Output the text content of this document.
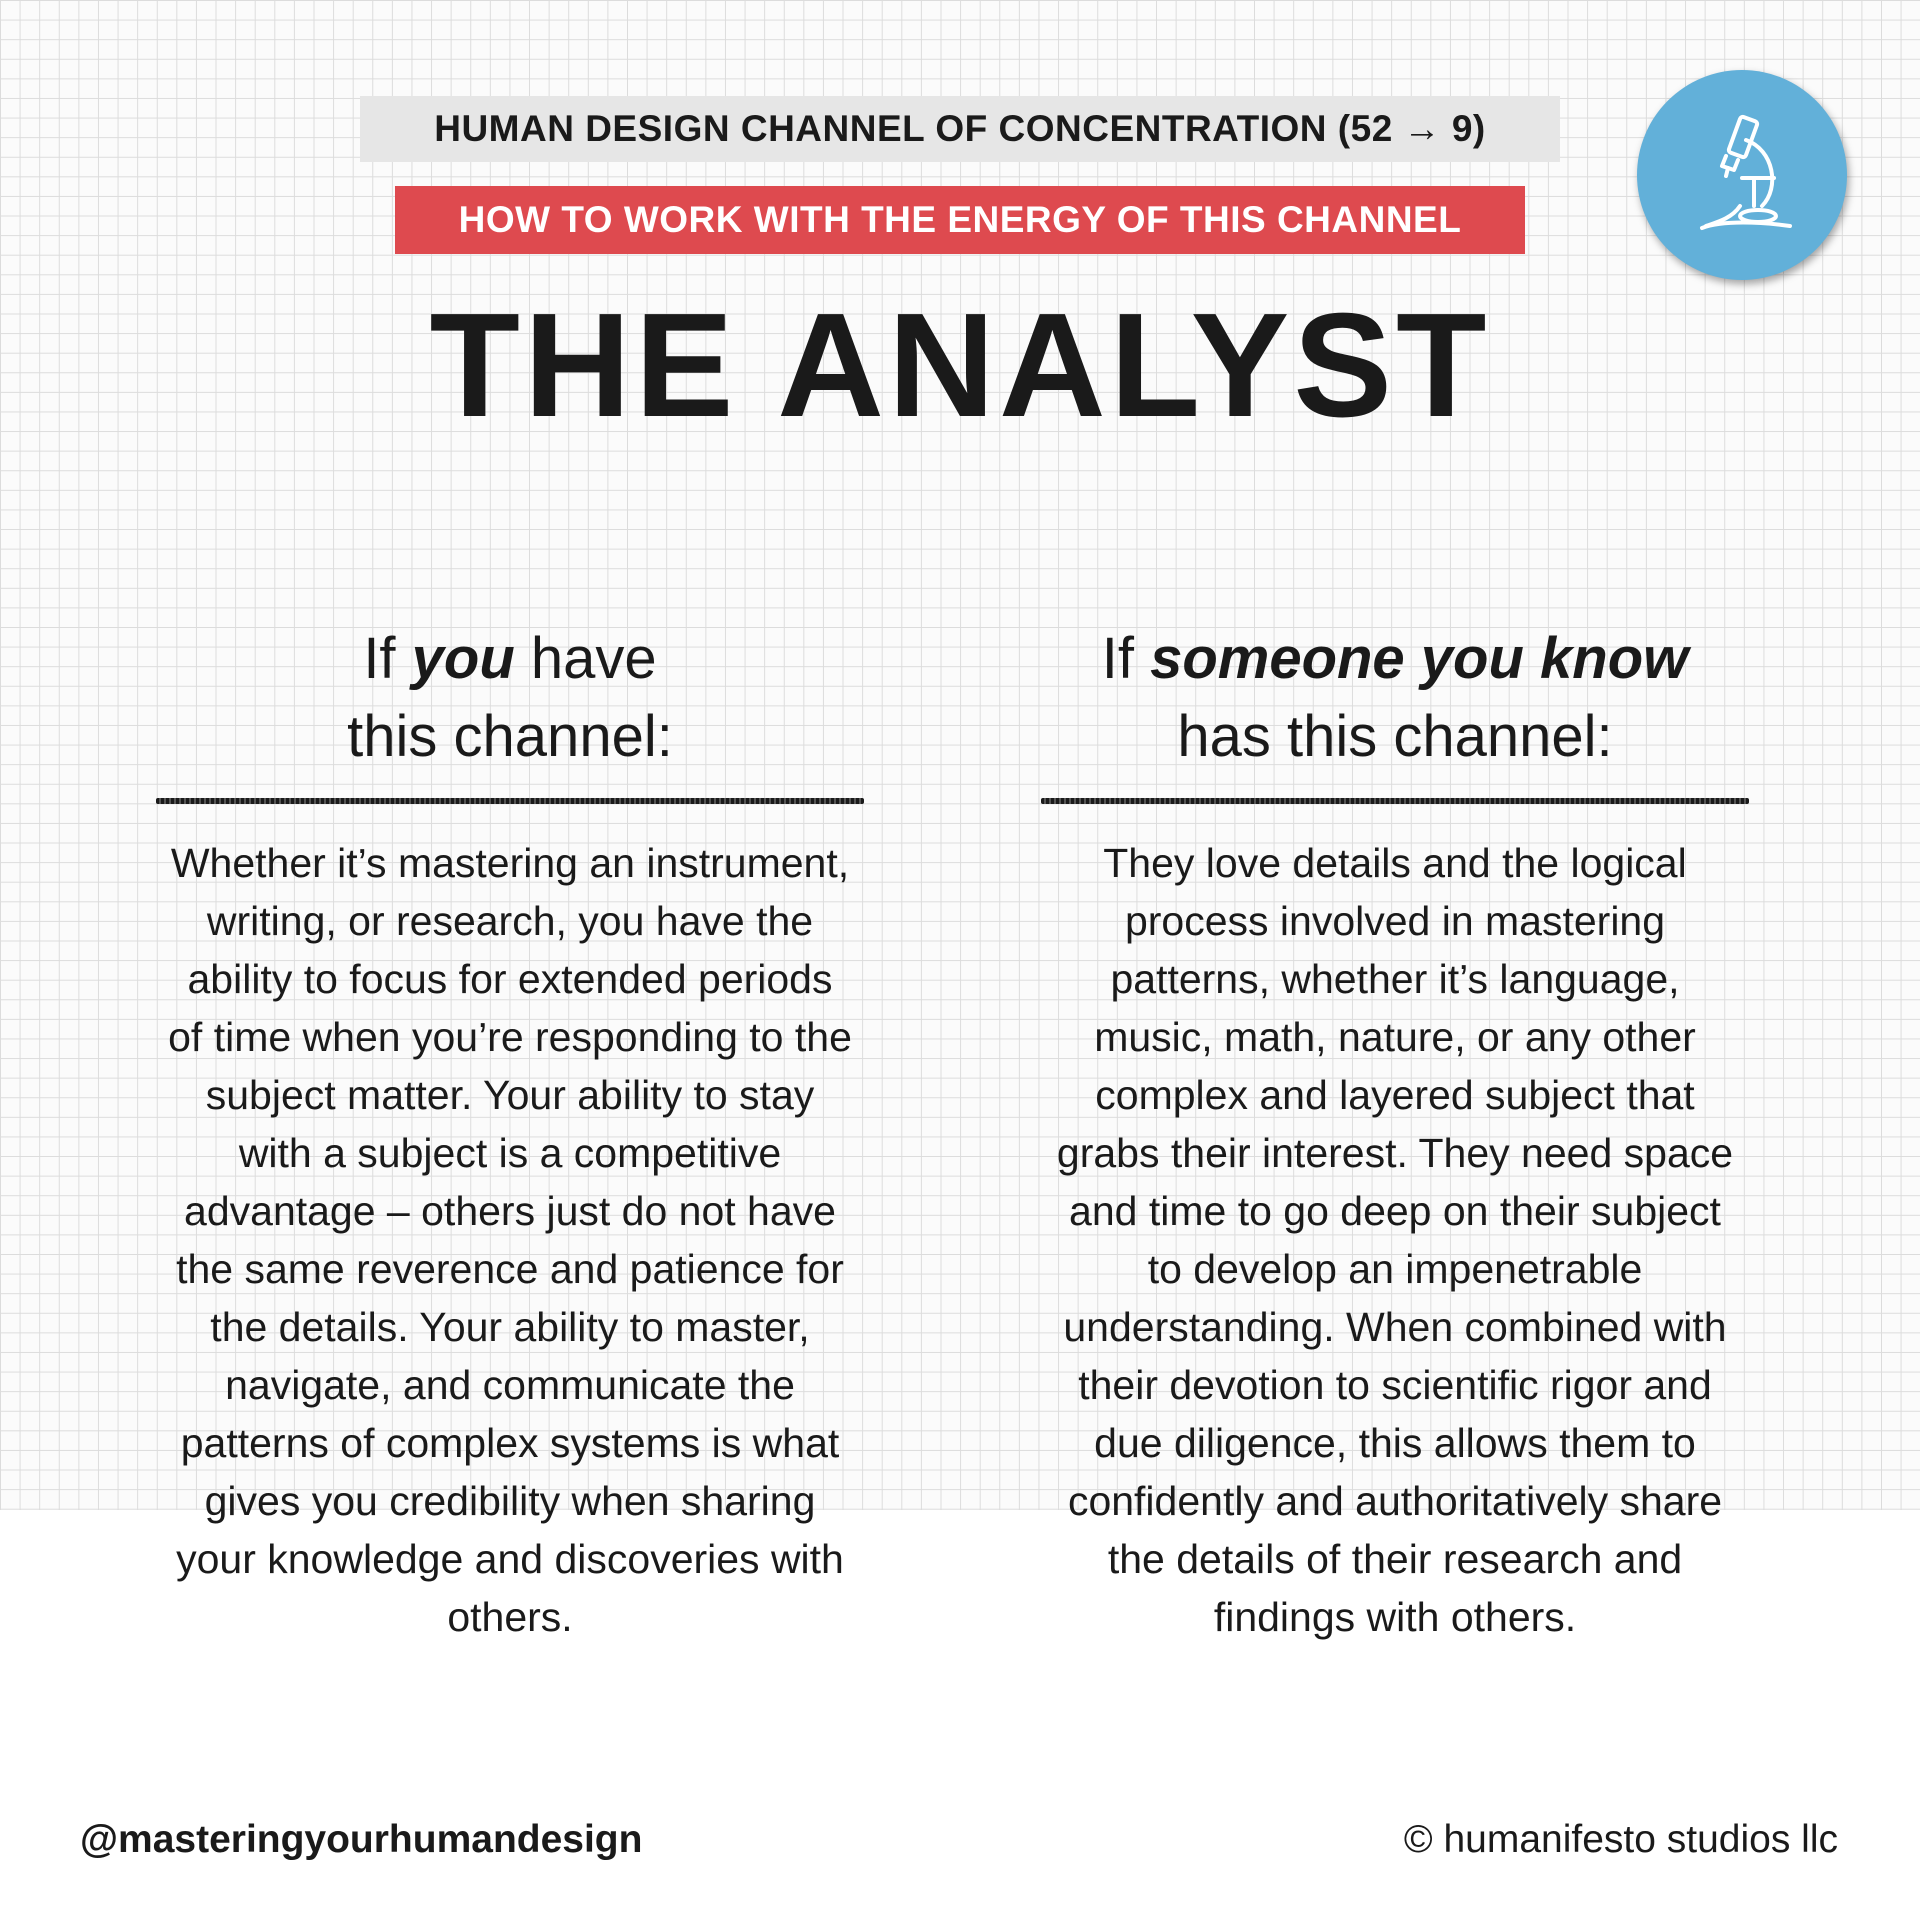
HUMAN DESIGN CHANNEL OF CONCENTRATION (52 → 9)
HOW TO WORK WITH THE ENERGY OF THIS CHANNEL
THE ANALYST

If you have
this channel:

Whether it’s mastering an instrument, writing, or research, you have the ability to focus for extended periods of time when you’re responding to the subject matter. Your ability to stay with a subject is a competitive advantage – others just do not have the same reverence and patience for the details. Your ability to master, navigate, and communicate the patterns of complex systems is what gives you credibility when sharing your knowledge and discoveries with others.

If someone you know
has this channel:

They love details and the logical process involved in mastering patterns, whether it’s language, music, math, nature, or any other complex and layered subject that grabs their interest. They need space and time to go deep on their subject to develop an impenetrable understanding. When combined with their devotion to scientific rigor and due diligence, this allows them to confidently and authoritatively share the details of their research and findings with others.

@masteringyourhumandesign	© humanifesto studios llc
